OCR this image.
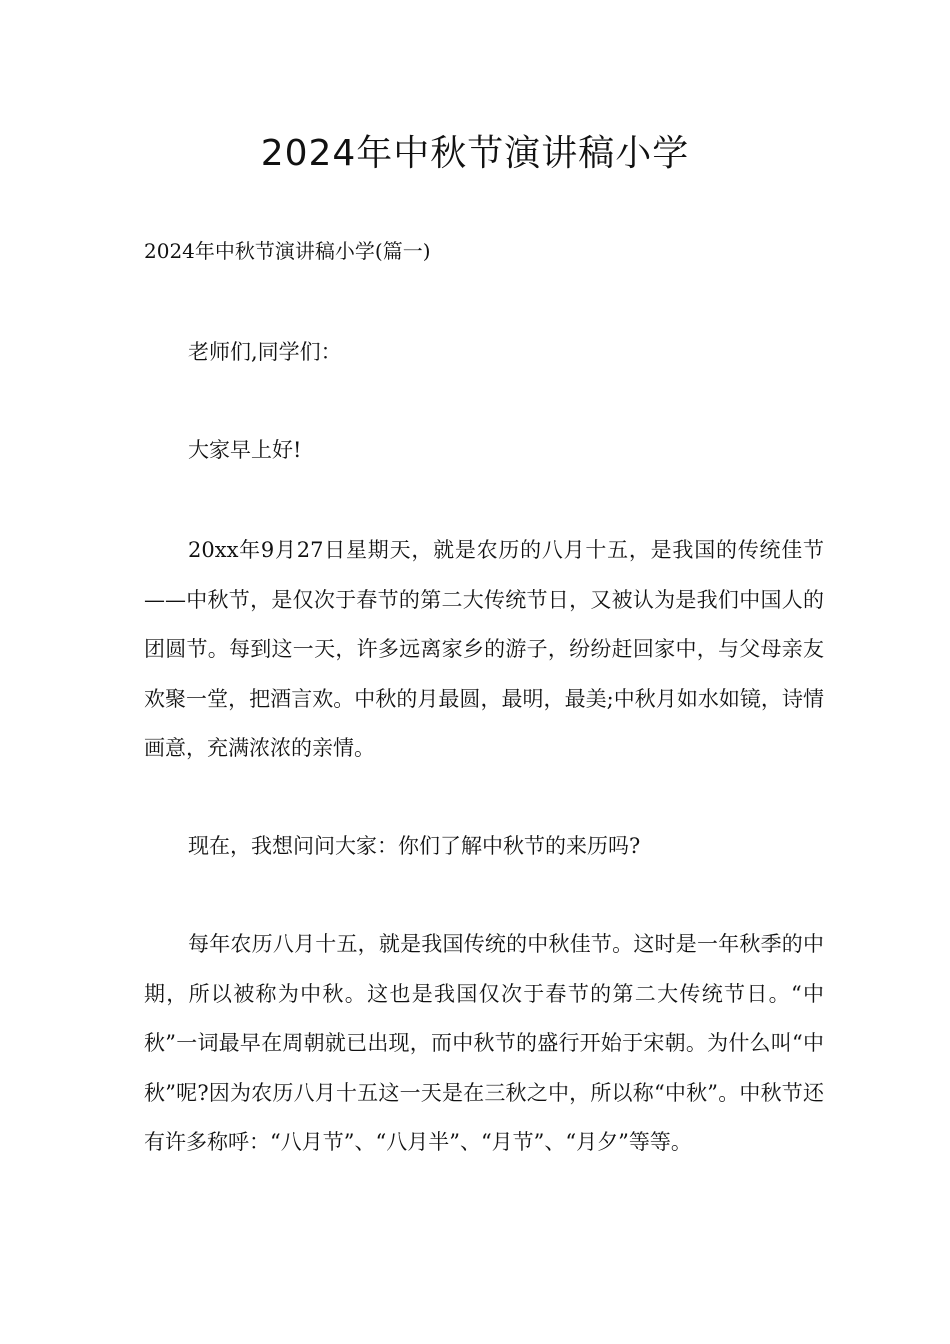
2024年中秋节演讲稿小学

2024年中秋节演讲稿小学(篇一)

老师们,同学们：

大家早上好!

20xx年9月27日星期天，就是农历的八月十五，是我国的传统佳节——中秋节，是仅次于春节的第二大传统节日，又被认为是我们中国人的团圆节。每到这一天，许多远离家乡的游子，纷纷赶回家中，与父母亲友欢聚一堂，把酒言欢。中秋的月最圆，最明，最美;中秋月如水如镜，诗情画意，充满浓浓的亲情。

现在，我想问问大家：你们了解中秋节的来历吗?

每年农历八月十五，就是我国传统的中秋佳节。这时是一年秋季的中期，所以被称为中秋。这也是我国仅次于春节的第二大传统节日。“中秋”一词最早在周朝就已出现，而中秋节的盛行开始于宋朝。为什么叫“中秋”呢?因为农历八月十五这一天是在三秋之中，所以称“中秋”。中秋节还有许多称呼：“八月节”、“八月半”、“月节”、“月夕”等等。
